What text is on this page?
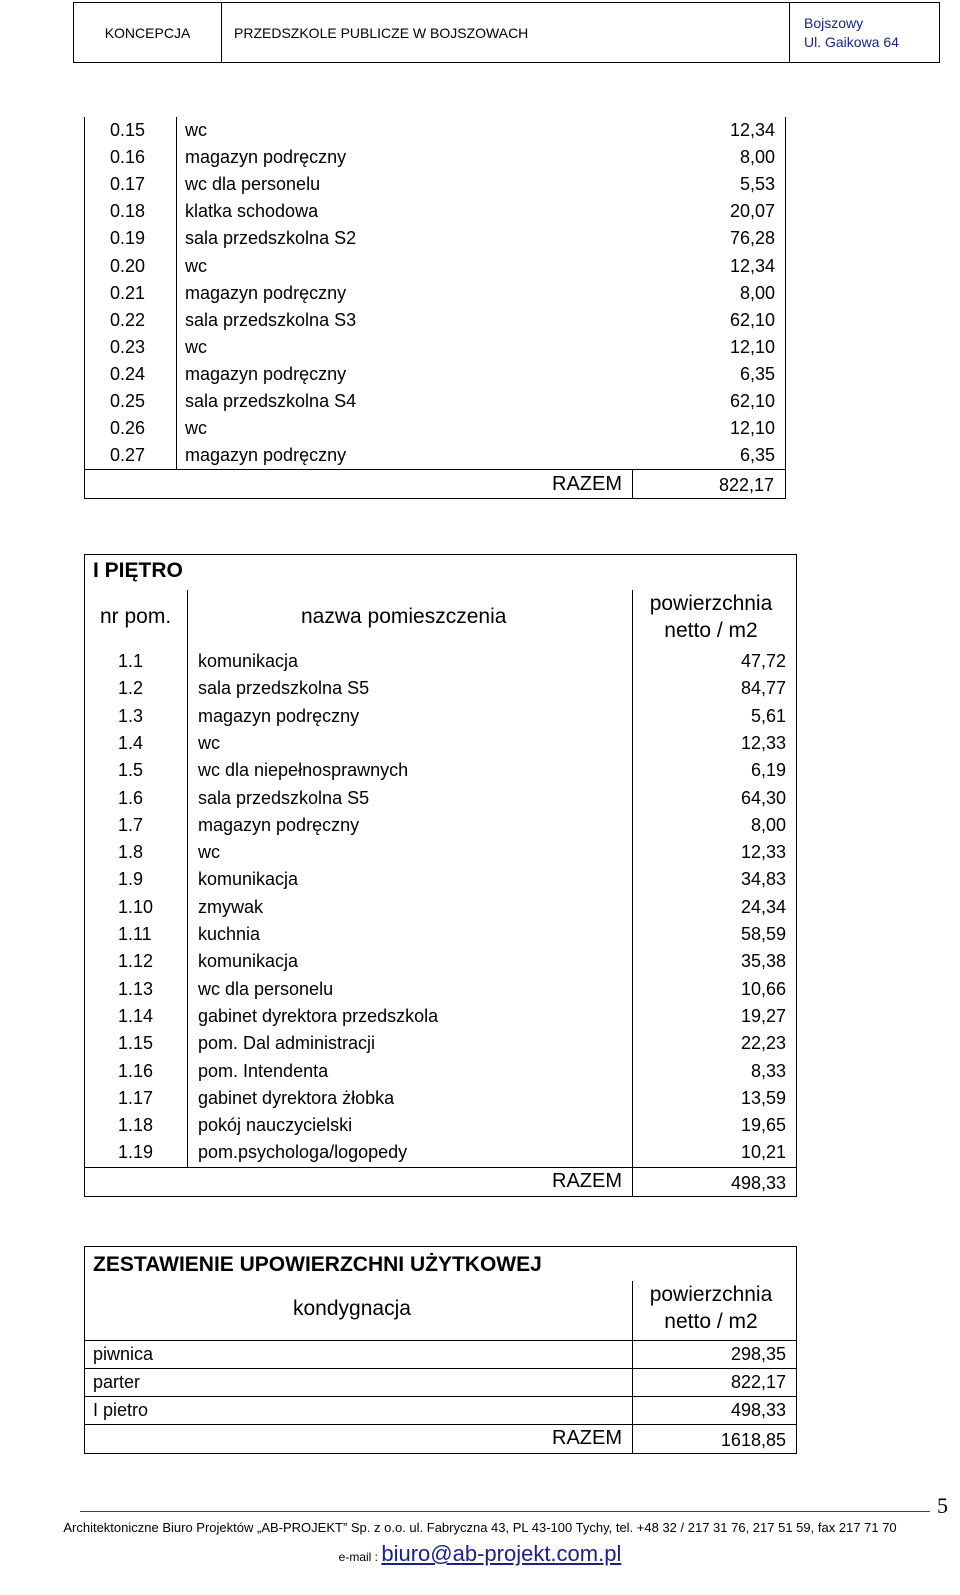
KONCEPCJA	PRZEDSZKOLE PUBLICZE W BOJSZOWACH
Bojszowy
Ul. Gaikowa 64
0.15 wc	12,34
0.16 magazyn podręczny	8,00
0.17 wc dla personelu	5,53
0.18 klatka schodowa	20,07
0.19 sala przedszkolna S2	76,28
0.20 wc	12,34
0.21 magazyn podręczny	8,00
0.22 sala przedszkolna S3	62,10
0.23 wc	12,10
0.24 magazyn podręczny	6,35
0.25 sala przedszkolna S4	62,10
0.26 wc	12,10
0.27 magazyn podręczny	6,35
RAZEM	822,17
I PIĘTRO
nr pom.	nazwa pomieszczenia
powierzchnia
netto / m2
1.1	komunikacja	47,72
1.2	sala przedszkolna S5	84,77
1.3	magazyn podręczny	5,61
1.4	wc	12,33
1.5	wc dla niepełnosprawnych	6,19
1.6	sala przedszkolna S5	64,30
1.7	magazyn podręczny	8,00
1.8	wc	12,33
1.9	komunikacja	34,83
1.10 zmywak	24,34
1.11	kuchnia	58,59
1.12 komunikacja	35,38
1.13 wc dla personelu	10,66
1.14 gabinet dyrektora przedszkola	19,27
1.15 pom. Dal administracji	22,23
1.16 pom. Intendenta	8,33
1.17 gabinet dyrektora żłobka	13,59
1.18 pokój nauczycielski	19,65
1.19 pom.psychologa/logopedy	10,21
RAZEM	498,33
ZESTAWIENIE UPOWIERZCHNI UŻYTKOWEJ
kondygnacja
powierzchnia
netto / m2
piwnica	298,35
parter	822,17
I pietro	498,33
RAZEM	1618,85
5
Architektoniczne Biuro Projektów „AB-PROJEKT” Sp. z o.o. ul. Fabryczna 43, PL 43-100 Tychy, tel. +48 32 / 217 31 76, 217 51 59, fax 217 71 70
e-mail : biuro@ab-projekt.com.pl
